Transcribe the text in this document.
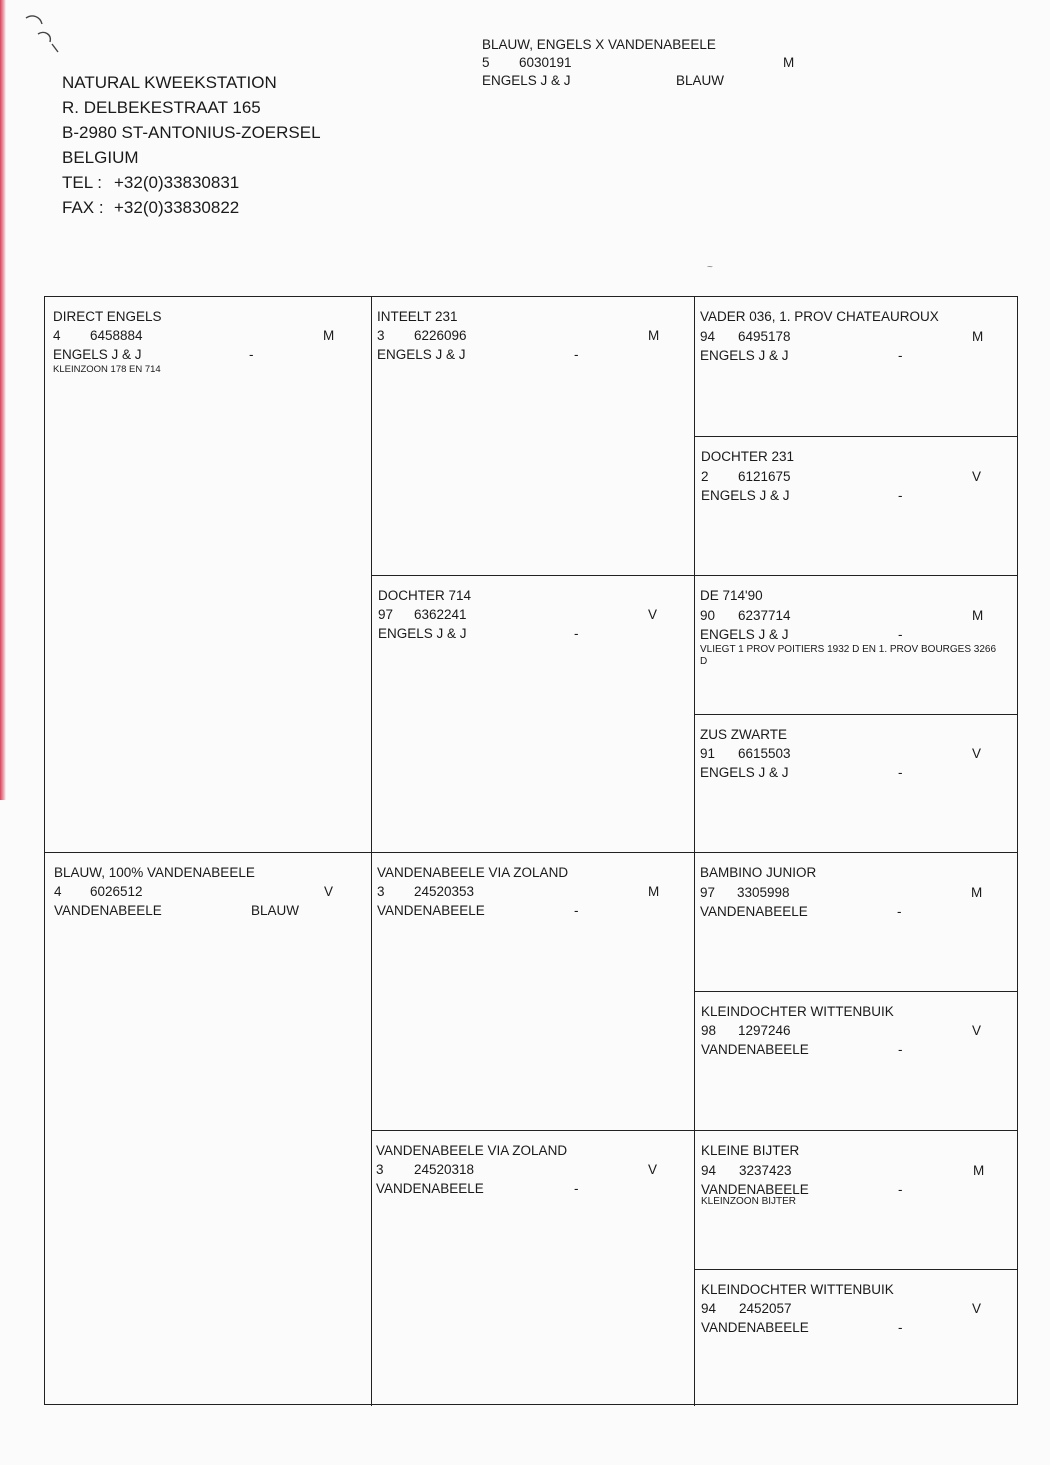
NATURAL KWEEKSTATION
R. DELBEKESTRAAT 165
B-2980 ST-ANTONIUS-ZOERSEL
BELGIUM
TEL : +32(0)33830831
FAX : +32(0)33830822
BLAUW, ENGELS X VANDENABEELE
5 6030191	M
ENGELS J & J	BLAUW
~
DIRECT ENGELS
4 6458884	M
ENGELS J & J	-
KLEINZOON 178 EN 714
BLAUW, 100% VANDENABEELE
4 6026512	V
VANDENABEELE	BLAUW
INTEELT 231
3 6226096	M
ENGELS J & J	-
DOCHTER 714
97 6362241	V
ENGELS J & J	-
VANDENABEELE VIA ZOLAND
3 24520353	M
VANDENABEELE	-
VANDENABEELE VIA ZOLAND
3 24520318	V
VANDENABEELE	-
VADER 036, 1. PROV CHATEAUROUX
94 6495178	M
ENGELS J & J	-
DOCHTER 231
2 6121675	V
ENGELS J & J	-
DE 714'90
90 6237714	M
ENGELS J & J	-
VLIEGT 1 PROV POITIERS 1932 D EN 1. PROV BOURGES 3266 D
ZUS ZWARTE
91 6615503	V
ENGELS J & J	-
BAMBINO JUNIOR
97 3305998	M
VANDENABEELE	-
KLEINDOCHTER WITTENBUIK
98 1297246	V
VANDENABEELE	-
KLEINE BIJTER
94 3237423	M
VANDENABEELE	-
KLEINZOON BIJTER
KLEINDOCHTER WITTENBUIK
94 2452057	V
VANDENABEELE	-
